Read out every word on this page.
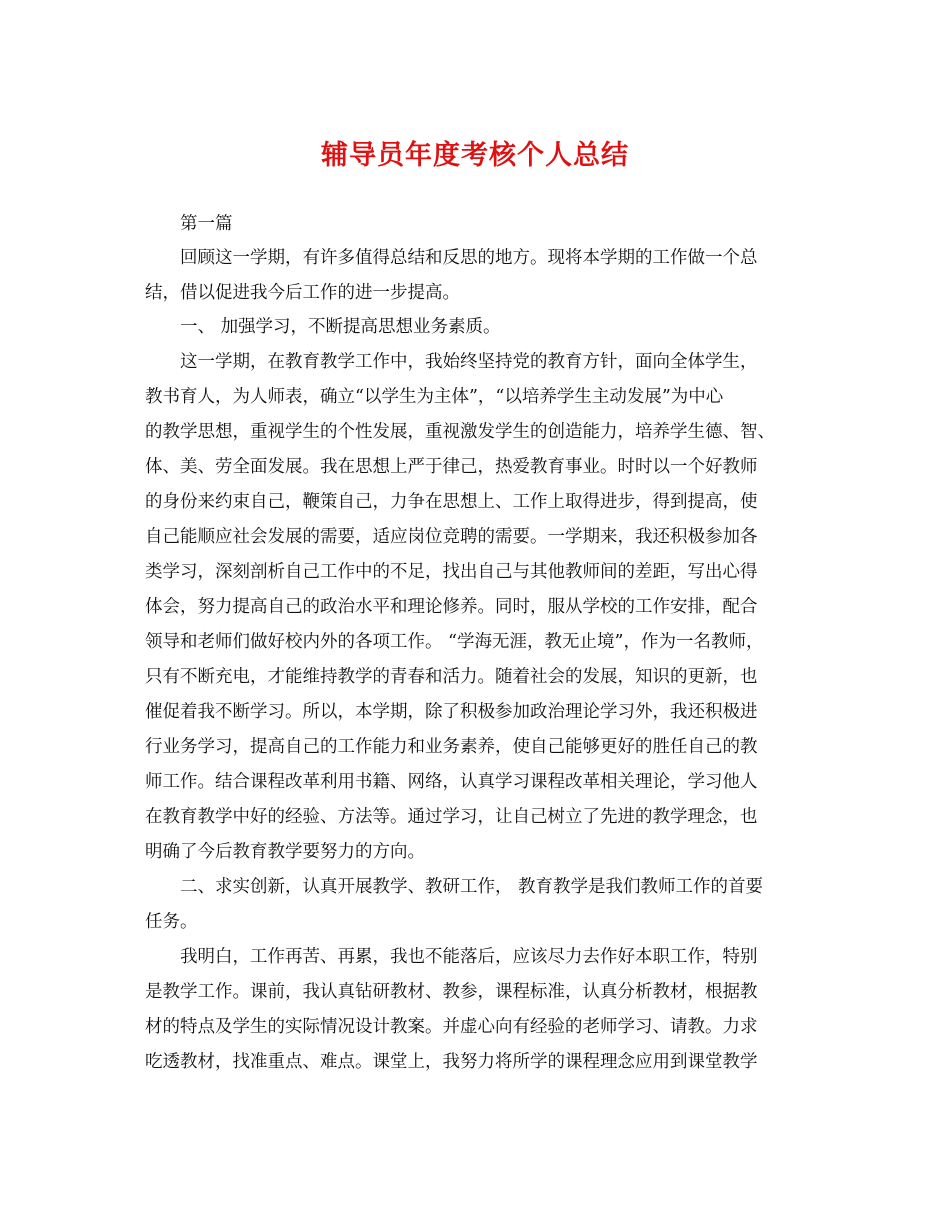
辅导员年度考核个人总结
第一篇
回顾这一学期，有许多值得总结和反思的地方。现将本学期的工作做一个总
结，借以促进我今后工作的进一步提高。
一、 加强学习，不断提高思想业务素质。
这一学期，在教育教学工作中，我始终坚持党的教育方针，面向全体学生，
教书育人，为人师表，确立“以学生为主体”，“以培养学生主动发展”为中心
的教学思想，重视学生的个性发展，重视激发学生的创造能力，培养学生德、智、
体、美、劳全面发展。我在思想上严于律己，热爱教育事业。时时以一个好教师
的身份来约束自己，鞭策自己，力争在思想上、工作上取得进步，得到提高，使
自己能顺应社会发展的需要，适应岗位竞聘的需要。一学期来，我还积极参加各
类学习，深刻剖析自己工作中的不足，找出自己与其他教师间的差距，写出心得
体会，努力提高自己的政治水平和理论修养。同时，服从学校的工作安排，配合
领导和老师们做好校内外的各项工作。 “学海无涯，教无止境”，作为一名教师，
只有不断充电，才能维持教学的青春和活力。随着社会的发展，知识的更新，也
催促着我不断学习。所以，本学期，除了积极参加政治理论学习外，我还积极进
行业务学习，提高自己的工作能力和业务素养，使自己能够更好的胜任自己的教
师工作。结合课程改革利用书籍、网络，认真学习课程改革相关理论，学习他人
在教育教学中好的经验、方法等。通过学习，让自己树立了先进的教学理念，也
明确了今后教育教学要努力的方向。
二、求实创新，认真开展教学、教研工作， 教育教学是我们教师工作的首要
任务。
我明白，工作再苦、再累，我也不能落后，应该尽力去作好本职工作，特别
是教学工作。课前，我认真钻研教材、教参，课程标准，认真分析教材，根据教
材的特点及学生的实际情况设计教案。并虚心向有经验的老师学习、请教。力求
吃透教材，找准重点、难点。课堂上，我努力将所学的课程理念应用到课堂教学
